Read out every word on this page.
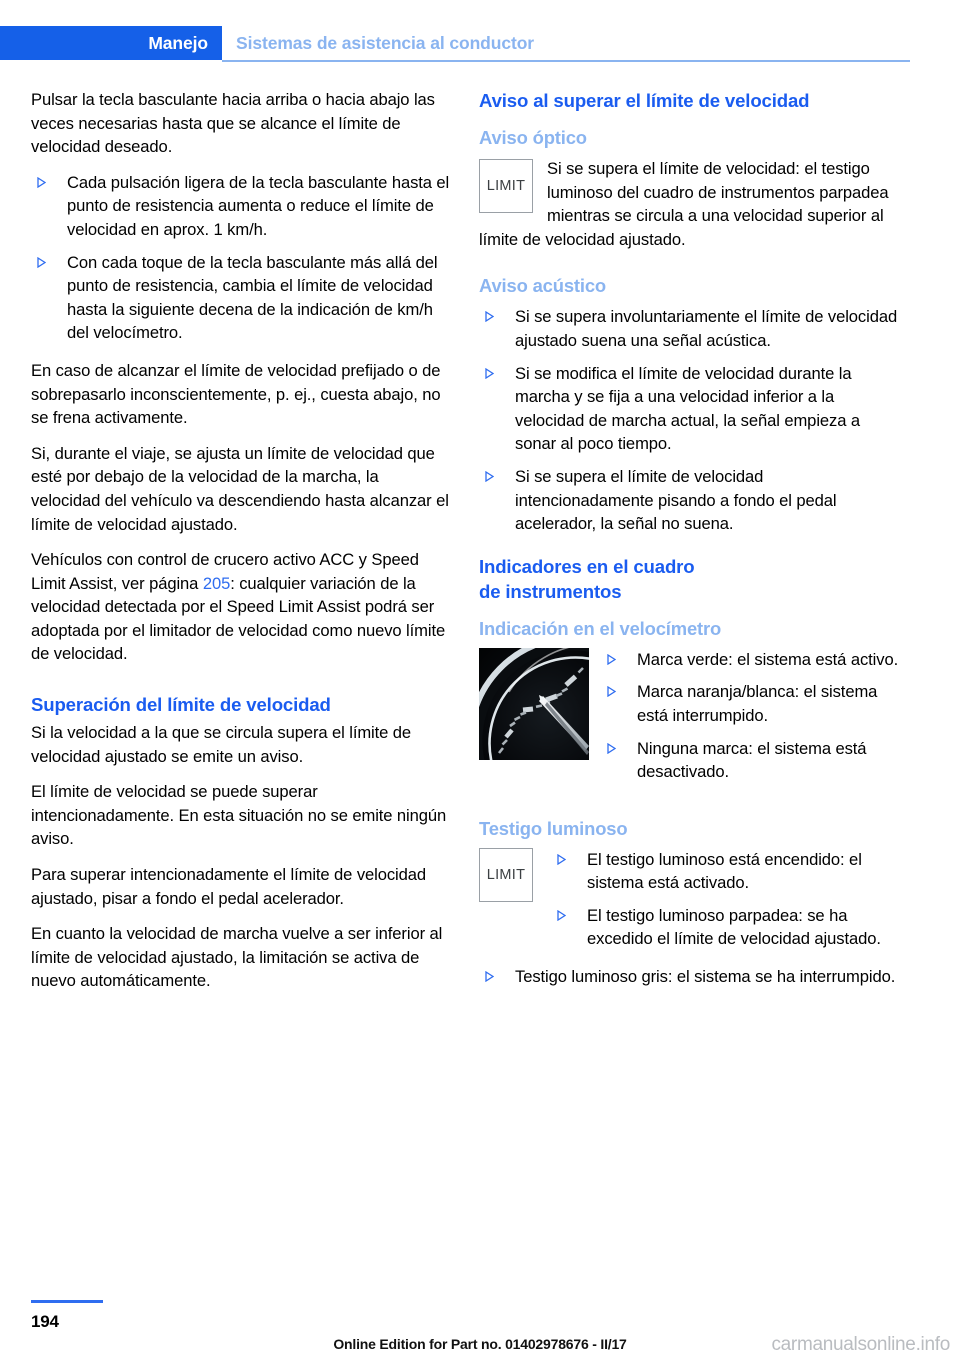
Manejo	Sistemas de asistencia al conductor

Pulsar la tecla basculante hacia arriba o hacia abajo las veces necesarias hasta que se alcance el límite de velocidad deseado.

Cada pulsación ligera de la tecla basculante hasta el punto de resistencia aumenta o reduce el límite de velocidad en aprox. 1 km/h.
Con cada toque de la tecla basculante más allá del punto de resistencia, cambia el límite de velocidad hasta la siguiente decena de la indicación de km/h del velocímetro.

En caso de alcanzar el límite de velocidad prefijado o de sobrepasarlo inconscientemente, p. ej., cuesta abajo, no se frena activamente.

Si, durante el viaje, se ajusta un límite de velocidad que esté por debajo de la velocidad de la marcha, la velocidad del vehículo va descendiendo hasta alcanzar el límite de velocidad ajustado.

Vehículos con control de crucero activo ACC y Speed Limit Assist, ver página 205: cualquier variación de la velocidad detectada por el Speed Limit Assist podrá ser adoptada por el limitador de velocidad como nuevo límite de velocidad.

Superación del límite de velocidad

Si la velocidad a la que se circula supera el límite de velocidad ajustado se emite un aviso.

El límite de velocidad se puede superar intencionadamente. En esta situación no se emite ningún aviso.

Para superar intencionadamente el límite de velocidad ajustado, pisar a fondo el pedal acelerador.

En cuanto la velocidad de marcha vuelve a ser inferior al límite de velocidad ajustado, la limitación se activa de nuevo automáticamente.

Aviso al superar el límite de velocidad
Aviso óptico
LIMIT

Si se supera el límite de velocidad: el testigo luminoso del cuadro de instrumentos parpadea mientras se circula a una velocidad superior al límite de velocidad ajustado.

Aviso acústico
Si se supera involuntariamente el límite de velocidad ajustado suena una señal acústica.
Si se modifica el límite de velocidad durante la marcha y se fija a una velocidad inferior a la velocidad de marcha actual, la señal empieza a sonar al poco tiempo.
Si se supera el límite de velocidad intencionadamente pisando a fondo el pedal acelerador, la señal no suena.
Indicadores en el cuadro
de instrumentos
Indicación en el velocímetro
Marca verde: el sistema está activo.
Marca naranja/blanca: el sistema está interrumpido.
Ninguna marca: el sistema está desactivado.
Testigo luminoso
LIMIT
El testigo luminoso está encendido: el sistema está activado.
El testigo luminoso parpadea: se ha excedido el límite de velocidad ajustado.
Testigo luminoso gris: el sistema se ha interrumpido.
194
Online Edition for Part no. 01402978676 - II/17	carmanualsonline.info
